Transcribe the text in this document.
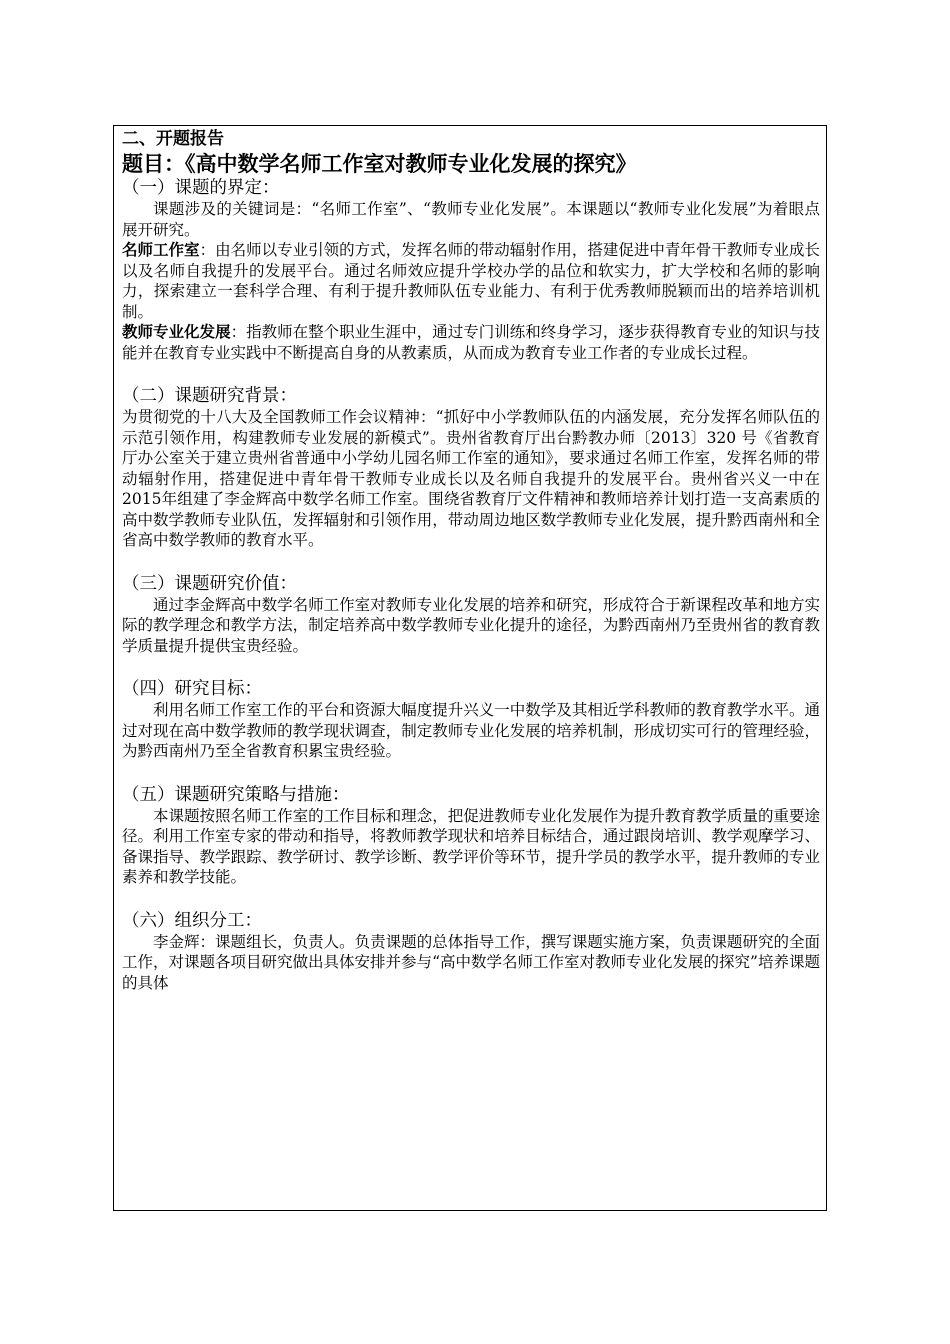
二、开题报告

题目：《高中数学名师工作室对教师专业化发展的探究》

（一）课题的界定：

课题涉及的关键词是：“名师工作室”、“教师专业化发展”。本课题以“教师专业化发展”为着眼点展开研究。

名师工作室：由名师以专业引领的方式，发挥名师的带动辐射作用，搭建促进中青年骨干教师专业成长以及名师自我提升的发展平台。通过名师效应提升学校办学的品位和软实力，扩大学校和名师的影响力，探索建立一套科学合理、有利于提升教师队伍专业能力、有利于优秀教师脱颖而出的培养培训机制。

教师专业化发展：指教师在整个职业生涯中，通过专门训练和终身学习，逐步获得教育专业的知识与技能并在教育专业实践中不断提高自身的从教素质，从而成为教育专业工作者的专业成长过程。

（二）课题研究背景：

为贯彻党的十八大及全国教师工作会议精神：“抓好中小学教师队伍的内涵发展，充分发挥名师队伍的示范引领作用，构建教师专业发展的新模式”。贵州省教育厅出台黔教办师〔2013〕320 号《省教育厅办公室关于建立贵州省普通中小学幼儿园名师工作室的通知》，要求通过名师工作室，发挥名师的带动辐射作用，搭建促进中青年骨干教师专业成长以及名师自我提升的发展平台。贵州省兴义一中在2015年组建了李金辉高中数学名师工作室。围绕省教育厅文件精神和教师培养计划打造一支高素质的高中数学教师专业队伍，发挥辐射和引领作用，带动周边地区数学教师专业化发展，提升黔西南州和全省高中数学教师的教育水平。

（三）课题研究价值：

通过李金辉高中数学名师工作室对教师专业化发展的培养和研究，形成符合于新课程改革和地方实际的教学理念和教学方法，制定培养高中数学教师专业化提升的途径，为黔西南州乃至贵州省的教育教学质量提升提供宝贵经验。

（四）研究目标：

利用名师工作室工作的平台和资源大幅度提升兴义一中数学及其相近学科教师的教育教学水平。通过对现在高中数学教师的教学现状调查，制定教师专业化发展的培养机制，形成切实可行的管理经验，为黔西南州乃至全省教育积累宝贵经验。

（五）课题研究策略与措施：

本课题按照名师工作室的工作目标和理念，把促进教师专业化发展作为提升教育教学质量的重要途径。利用工作室专家的带动和指导，将教师教学现状和培养目标结合，通过跟岗培训、教学观摩学习、备课指导、教学跟踪、教学研讨、教学诊断、教学评价等环节，提升学员的教学水平，提升教师的专业素养和教学技能。

（六）组织分工：

李金辉：课题组长，负责人。负责课题的总体指导工作，撰写课题实施方案，负责课题研究的全面工作，对课题各项目研究做出具体安排并参与“高中数学名师工作室对教师专业化发展的探究”培养课题的具体
